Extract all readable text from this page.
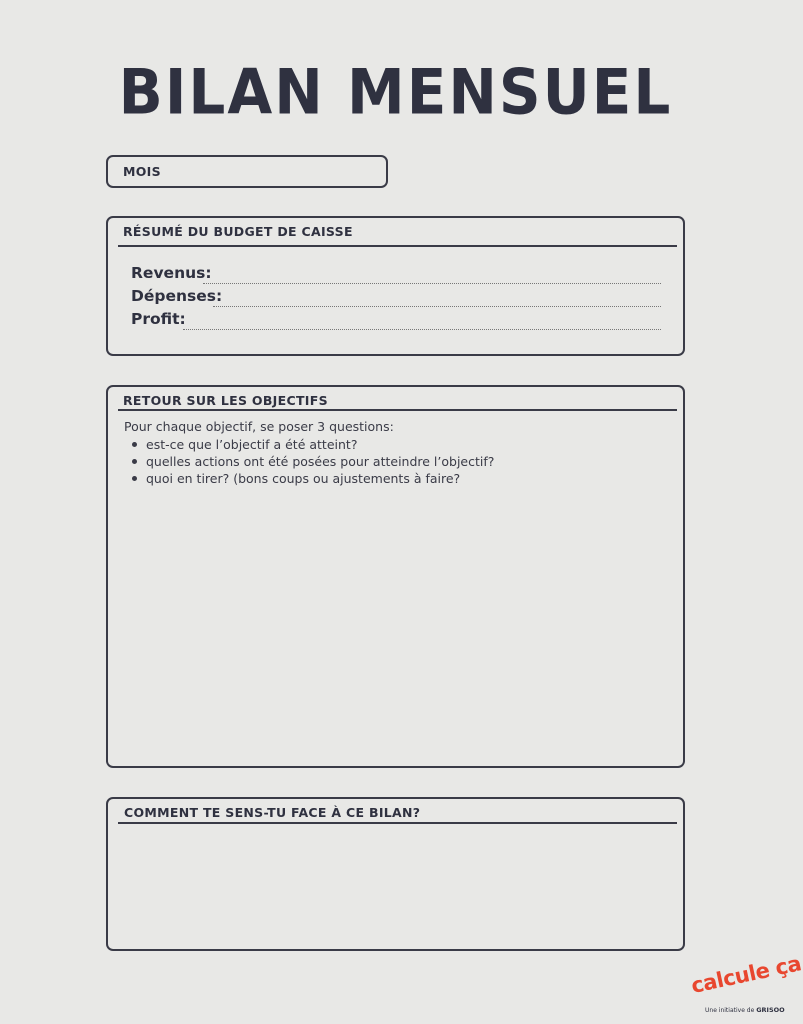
BILAN MENSUEL
MOIS
RÉSUMÉ DU BUDGET DE CAISSE
Revenus:
Dépenses:
Profit:
RETOUR SUR LES OBJECTIFS
Pour chaque objectif, se poser 3 questions:
est-ce que l’objectif a été atteint?
quelles actions ont été posées pour atteindre l’objectif?
quoi en tirer? (bons coups ou ajustements à faire?
COMMENT TE SENS-TU FACE À CE BILAN?
calcule ça
Une initiative de GRISOO
